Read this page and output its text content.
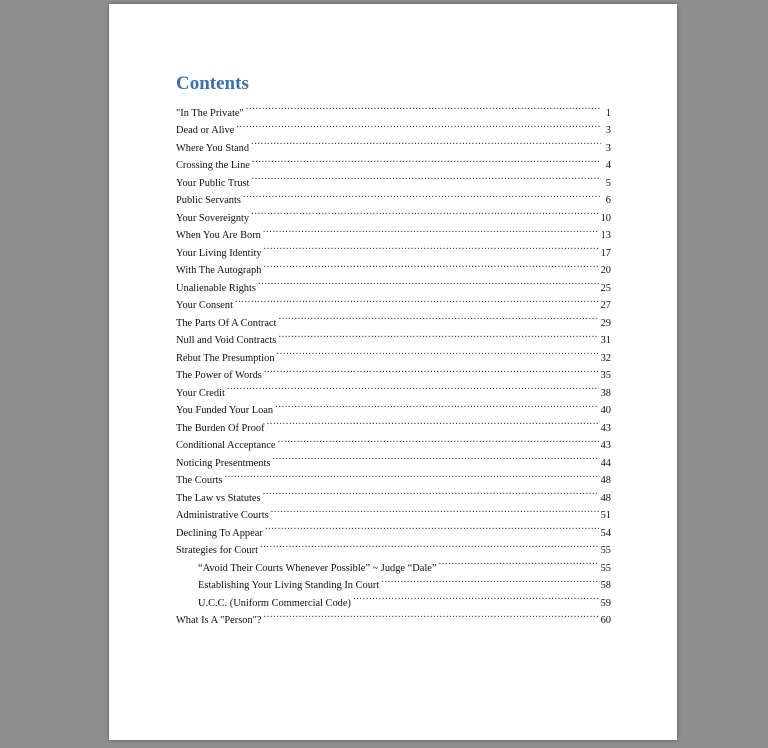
Contents
"In The Private" .....	1
Dead or Alive .....	3
Where You Stand .....	3
Crossing the Line .....	4
Your Public Trust .....	5
Public Servants .....	6
Your Sovereignty .....	10
When You Are Born .....	13
Your Living Identity .....	17
With The Autograph .....	20
Unalienable Rights .....	25
Your Consent .....	27
The Parts Of A Contract .....	29
Null and Void Contracts .....	31
Rebut The Presumption .....	32
The Power of Words .....	35
Your Credit .....	38
You Funded Your Loan .....	40
The Burden Of Proof .....	43
Conditional Acceptance .....	43
Noticing Presentments .....	44
The Courts .....	48
The Law vs Statutes .....	48
Administrative Courts .....	51
Declining To Appear .....	54
Strategies for Court .....	55
“Avoid Their Courts Whenever Possible” ~ Judge “Dale” .....	55
Establishing Your Living Standing In Court .....	58
U.C.C. (Uniform Commercial Code) .....	59
What Is A "Person"? .....	60
